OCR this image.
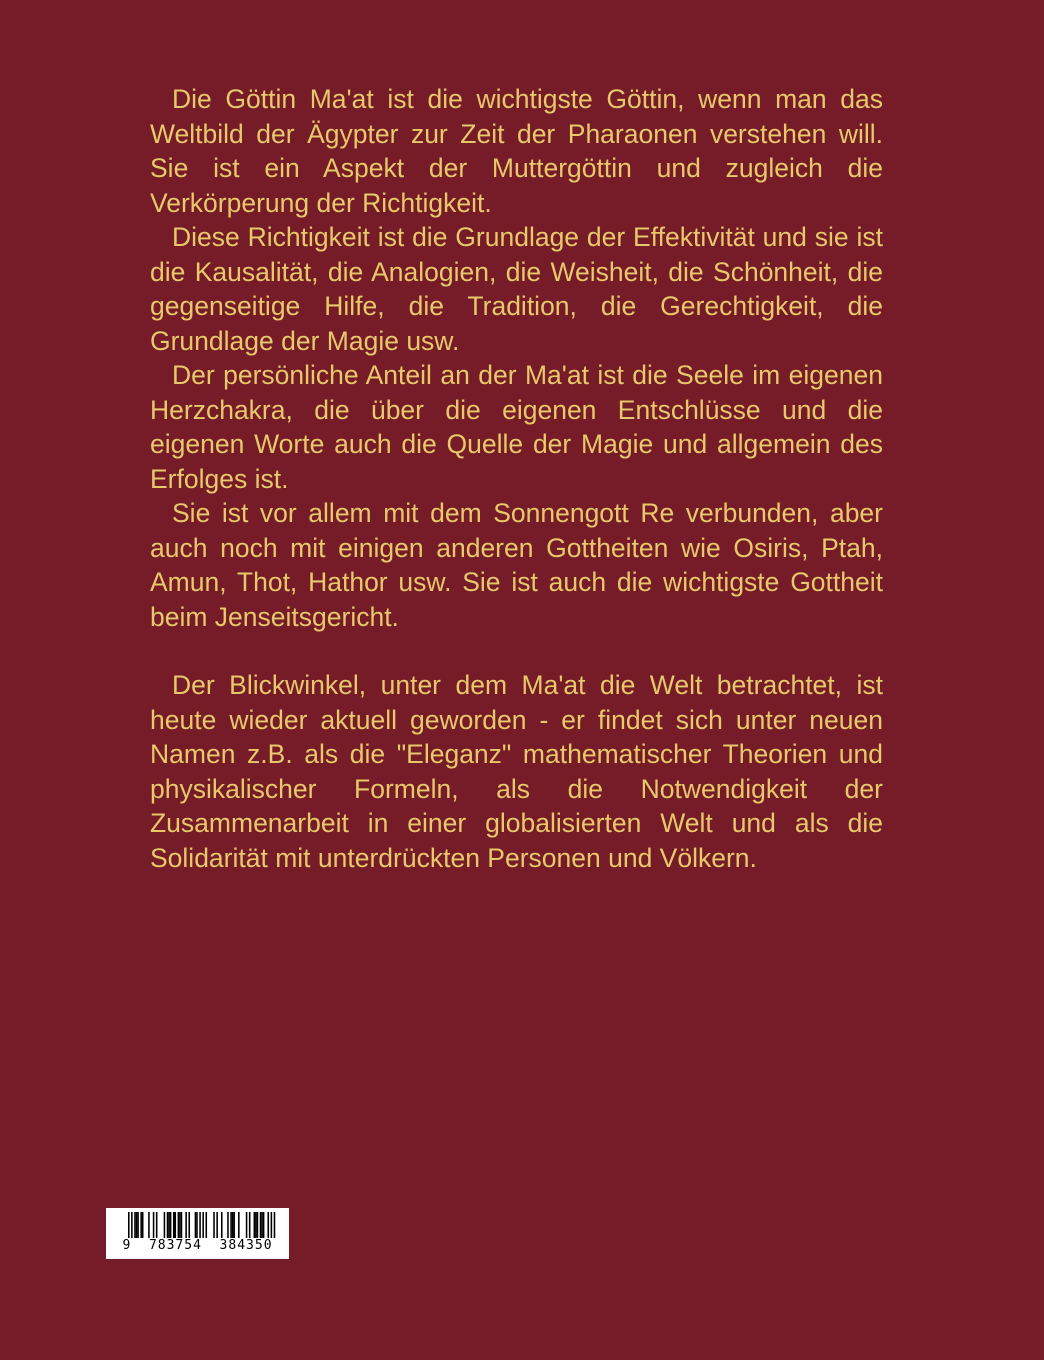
Die Göttin Ma'at ist die wichtigste Göttin, wenn man das Weltbild der Ägypter zur Zeit der Pharaonen verstehen will. Sie ist ein Aspekt der Muttergöttin und zugleich die Verkörperung der Richtigkeit.

Diese Richtigkeit ist die Grundlage der Effektivität und sie ist die Kausalität, die Analogien, die Weisheit, die Schönheit, die gegenseitige Hilfe, die Tradition, die Gerechtigkeit, die Grundlage der Magie usw.

Der persönliche Anteil an der Ma'at ist die Seele im eigenen Herzchakra, die über die eigenen Entschlüsse und die eigenen Worte auch die Quelle der Magie und allgemein des Erfolges ist.

Sie ist vor allem mit dem Sonnengott Re verbunden, aber auch noch mit einigen anderen Gottheiten wie Osiris, Ptah, Amun, Thot, Hathor usw. Sie ist auch die wichtigste Gottheit beim Jenseitsgericht.

Der Blickwinkel, unter dem Ma'at die Welt betrachtet, ist heute wieder aktuell geworden - er findet sich unter neuen Namen z.B. als die "Eleganz" mathematischer Theorien und physikalischer Formeln, als die Notwendigkeit der Zusammenarbeit in einer globalisierten Welt und als die Solidarität mit unterdrückten Personen und Völkern.

9  783754  384350
